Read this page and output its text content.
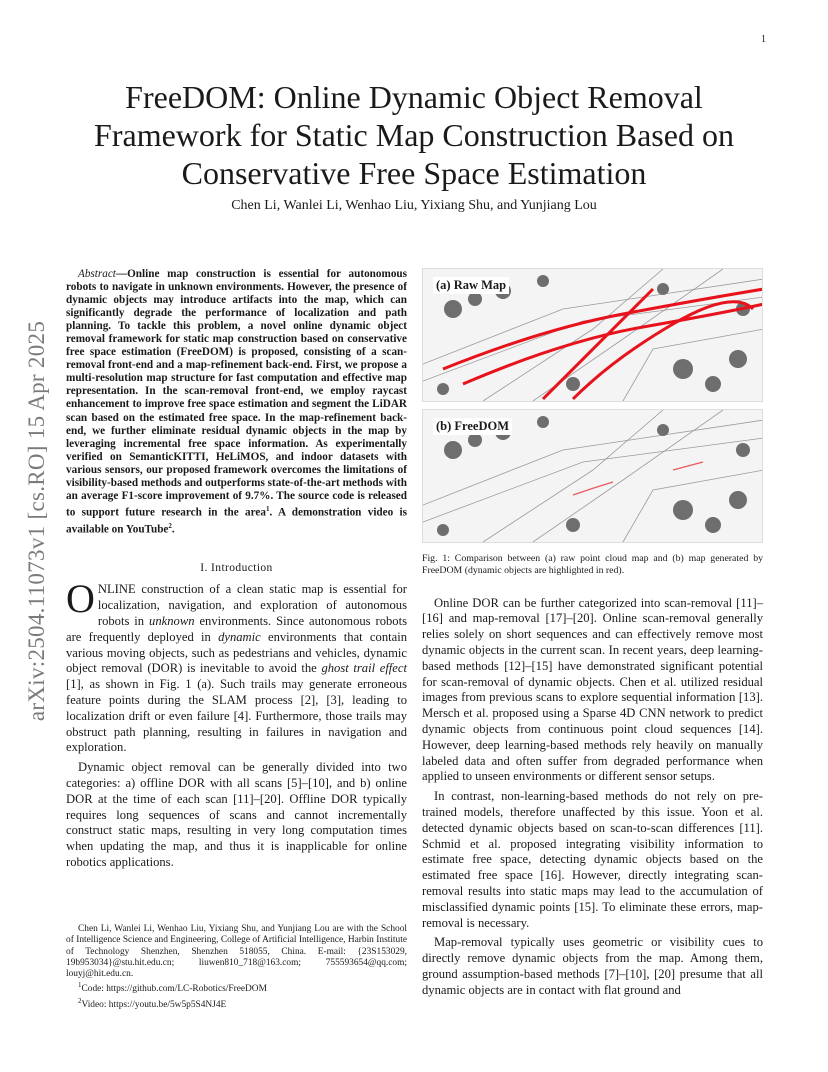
1
arXiv:2504.11073v1 [cs.RO] 15 Apr 2025
FreeDOM: Online Dynamic Object Removal Framework for Static Map Construction Based on Conservative Free Space Estimation
Chen Li, Wanlei Li, Wenhao Liu, Yixiang Shu, and Yunjiang Lou

Abstract—Online map construction is essential for autonomous robots to navigate in unknown environments. However, the presence of dynamic objects may introduce artifacts into the map, which can significantly degrade the performance of localization and path planning. To tackle this problem, a novel online dynamic object removal framework for static map construction based on conservative free space estimation (FreeDOM) is proposed, consisting of a scan-removal front-end and a map-refinement back-end. First, we propose a multi-resolution map structure for fast computation and effective map representation. In the scan-removal front-end, we employ raycast enhancement to improve free space estimation and segment the LiDAR scan based on the estimated free space. In the map-refinement back-end, we further eliminate residual dynamic objects in the map by leveraging incremental free space information. As experimentally verified on SemanticKITTI, HeLiMOS, and indoor datasets with various sensors, our proposed framework overcomes the limitations of visibility-based methods and outperforms state-of-the-art methods with an average F1-score improvement of 9.7%. The source code is released to support future research in the area$^1$. A demonstration video is available on YouTube$^2$.

I. Introduction

ONLINE construction of a clean static map is essential for localization, navigation, and exploration of autonomous robots in unknown environments. Since autonomous robots are frequently deployed in dynamic environments that contain various moving objects, such as pedestrians and vehicles, dynamic object removal (DOR) is inevitable to avoid the ghost trail effect [1], as shown in Fig. 1 (a). Such trails may generate erroneous feature points during the SLAM process [2], [3], leading to localization drift or even failure [4]. Furthermore, those trails may obstruct path planning, resulting in failures in navigation and exploration.

Dynamic object removal can be generally divided into two categories: a) offline DOR with all scans [5]–[10], and b) online DOR at the time of each scan [11]–[20]. Offline DOR typically requires long sequences of scans and cannot incrementally construct static maps, resulting in very long computation times when updating the map, and thus it is inapplicable for online robotics applications.

Chen Li, Wanlei Li, Wenhao Liu, Yixiang Shu, and Yunjiang Lou are with the School of Intelligence Science and Engineering, College of Artificial Intelligence, Harbin Institute of Technology Shenzhen, Shenzhen 518055, China. E-mail: {23S153029, 19b953034}@stu.hit.edu.cn; liuwen810_718@163.com; 755593654@qq.com; louyj@hit.edu.cn.

$^1$Code: https://github.com/LC-Robotics/FreeDOM

$^2$Video: https://youtu.be/5w5p5S4NJ4E

(a) Raw Map
(b) FreeDOM

Fig. 1: Comparison between (a) raw point cloud map and (b) map generated by FreeDOM (dynamic objects are highlighted in red).

Online DOR can be further categorized into scan-removal [11]–[16] and map-removal [17]–[20]. Online scan-removal generally relies solely on short sequences and can effectively remove most dynamic objects in the current scan. In recent years, deep learning-based methods [12]–[15] have demonstrated significant potential for scan-removal of dynamic objects. Chen et al. utilized residual images from previous scans to explore sequential information [13]. Mersch et al. proposed using a Sparse 4D CNN network to predict dynamic objects from continuous point cloud sequences [14]. However, deep learning-based methods rely heavily on manually labeled data and often suffer from degraded performance when applied to unseen environments or different sensor setups.

In contrast, non-learning-based methods do not rely on pre-trained models, therefore unaffected by this issue. Yoon et al. detected dynamic objects based on scan-to-scan differences [11]. Schmid et al. proposed integrating visibility information to estimate free space, detecting dynamic objects based on the estimated free space [16]. However, directly integrating scan-removal results into static maps may lead to the accumulation of misclassified dynamic points [15]. To eliminate these errors, map-removal is necessary.

Map-removal typically uses geometric or visibility cues to directly remove dynamic objects from the map. Among them, ground assumption-based methods [7]–[10], [20] presume that all dynamic objects are in contact with flat ground and
